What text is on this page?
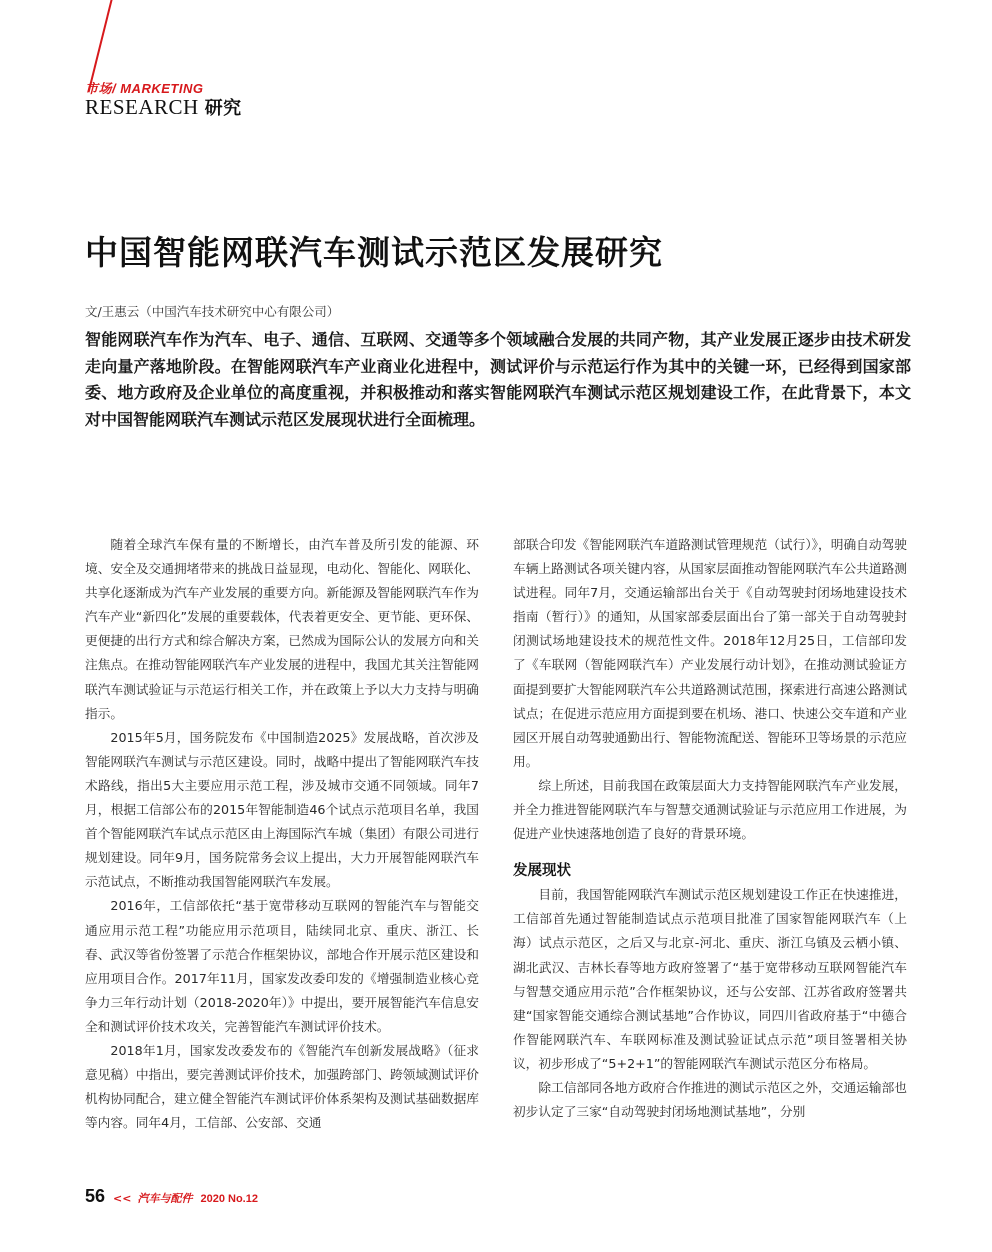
市场/ MARKETING
RESEARCH 研究
中国智能网联汽车测试示范区发展研究
文/王惠云（中国汽车技术研究中心有限公司）
智能网联汽车作为汽车、电子、通信、互联网、交通等多个领域融合发展的共同产物，其产业发展正逐步由技术研发走向量产落地阶段。在智能网联汽车产业商业化进程中，测试评价与示范运行作为其中的关键一环，已经得到国家部委、地方政府及企业单位的高度重视，并积极推动和落实智能网联汽车测试示范区规划建设工作，在此背景下，本文对中国智能网联汽车测试示范区发展现状进行全面梳理。

随着全球汽车保有量的不断增长，由汽车普及所引发的能源、环境、安全及交通拥堵带来的挑战日益显现，电动化、智能化、网联化、共享化逐渐成为汽车产业发展的重要方向。新能源及智能网联汽车作为汽车产业“新四化”发展的重要载体，代表着更安全、更节能、更环保、更便捷的出行方式和综合解决方案，已然成为国际公认的发展方向和关注焦点。在推动智能网联汽车产业发展的进程中，我国尤其关注智能网联汽车测试验证与示范运行相关工作，并在政策上予以大力支持与明确指示。

2015年5月，国务院发布《中国制造2025》发展战略，首次涉及智能网联汽车测试与示范区建设。同时，战略中提出了智能网联汽车技术路线，指出5大主要应用示范工程，涉及城市交通不同领域。同年7月，根据工信部公布的2015年智能制造46个试点示范项目名单，我国首个智能网联汽车试点示范区由上海国际汽车城（集团）有限公司进行规划建设。同年9月，国务院常务会议上提出，大力开展智能网联汽车示范试点，不断推动我国智能网联汽车发展。

2016年，工信部依托“基于宽带移动互联网的智能汽车与智能交通应用示范工程”功能应用示范项目，陆续同北京、重庆、浙江、长春、武汉等省份签署了示范合作框架协议，部地合作开展示范区建设和应用项目合作。2017年11月，国家发改委印发的《增强制造业核心竞争力三年行动计划（2018-2020年）》中提出，要开展智能汽车信息安全和测试评价技术攻关，完善智能汽车测试评价技术。

2018年1月，国家发改委发布的《智能汽车创新发展战略》（征求意见稿）中指出，要完善测试评价技术，加强跨部门、跨领域测试评价机构协同配合，建立健全智能汽车测试评价体系架构及测试基础数据库等内容。同年4月，工信部、公安部、交通

部联合印发《智能网联汽车道路测试管理规范（试行）》，明确自动驾驶车辆上路测试各项关键内容，从国家层面推动智能网联汽车公共道路测试进程。同年7月，交通运输部出台关于《自动驾驶封闭场地建设技术指南（暂行）》的通知，从国家部委层面出台了第一部关于自动驾驶封闭测试场地建设技术的规范性文件。2018年12月25日，工信部印发了《车联网（智能网联汽车）产业发展行动计划》，在推动测试验证方面提到要扩大智能网联汽车公共道路测试范围，探索进行高速公路测试试点；在促进示范应用方面提到要在机场、港口、快速公交车道和产业园区开展自动驾驶通勤出行、智能物流配送、智能环卫等场景的示范应用。

综上所述，目前我国在政策层面大力支持智能网联汽车产业发展，并全力推进智能网联汽车与智慧交通测试验证与示范应用工作进展，为促进产业快速落地创造了良好的背景环境。

发展现状

目前，我国智能网联汽车测试示范区规划建设工作正在快速推进，工信部首先通过智能制造试点示范项目批准了国家智能网联汽车（上海）试点示范区，之后又与北京-河北、重庆、浙江乌镇及云栖小镇、湖北武汉、吉林长春等地方政府签署了“基于宽带移动互联网智能汽车与智慧交通应用示范”合作框架协议，还与公安部、江苏省政府签署共建“国家智能交通综合测试基地”合作协议，同四川省政府基于“中德合作智能网联汽车、车联网标准及测试验证试点示范”项目签署相关协议，初步形成了“5+2+1”的智能网联汽车测试示范区分布格局。

除工信部同各地方政府合作推进的测试示范区之外，交通运输部也初步认定了三家“自动驾驶封闭场地测试基地”，分别

56 << 汽车与配件 2020 No.12
